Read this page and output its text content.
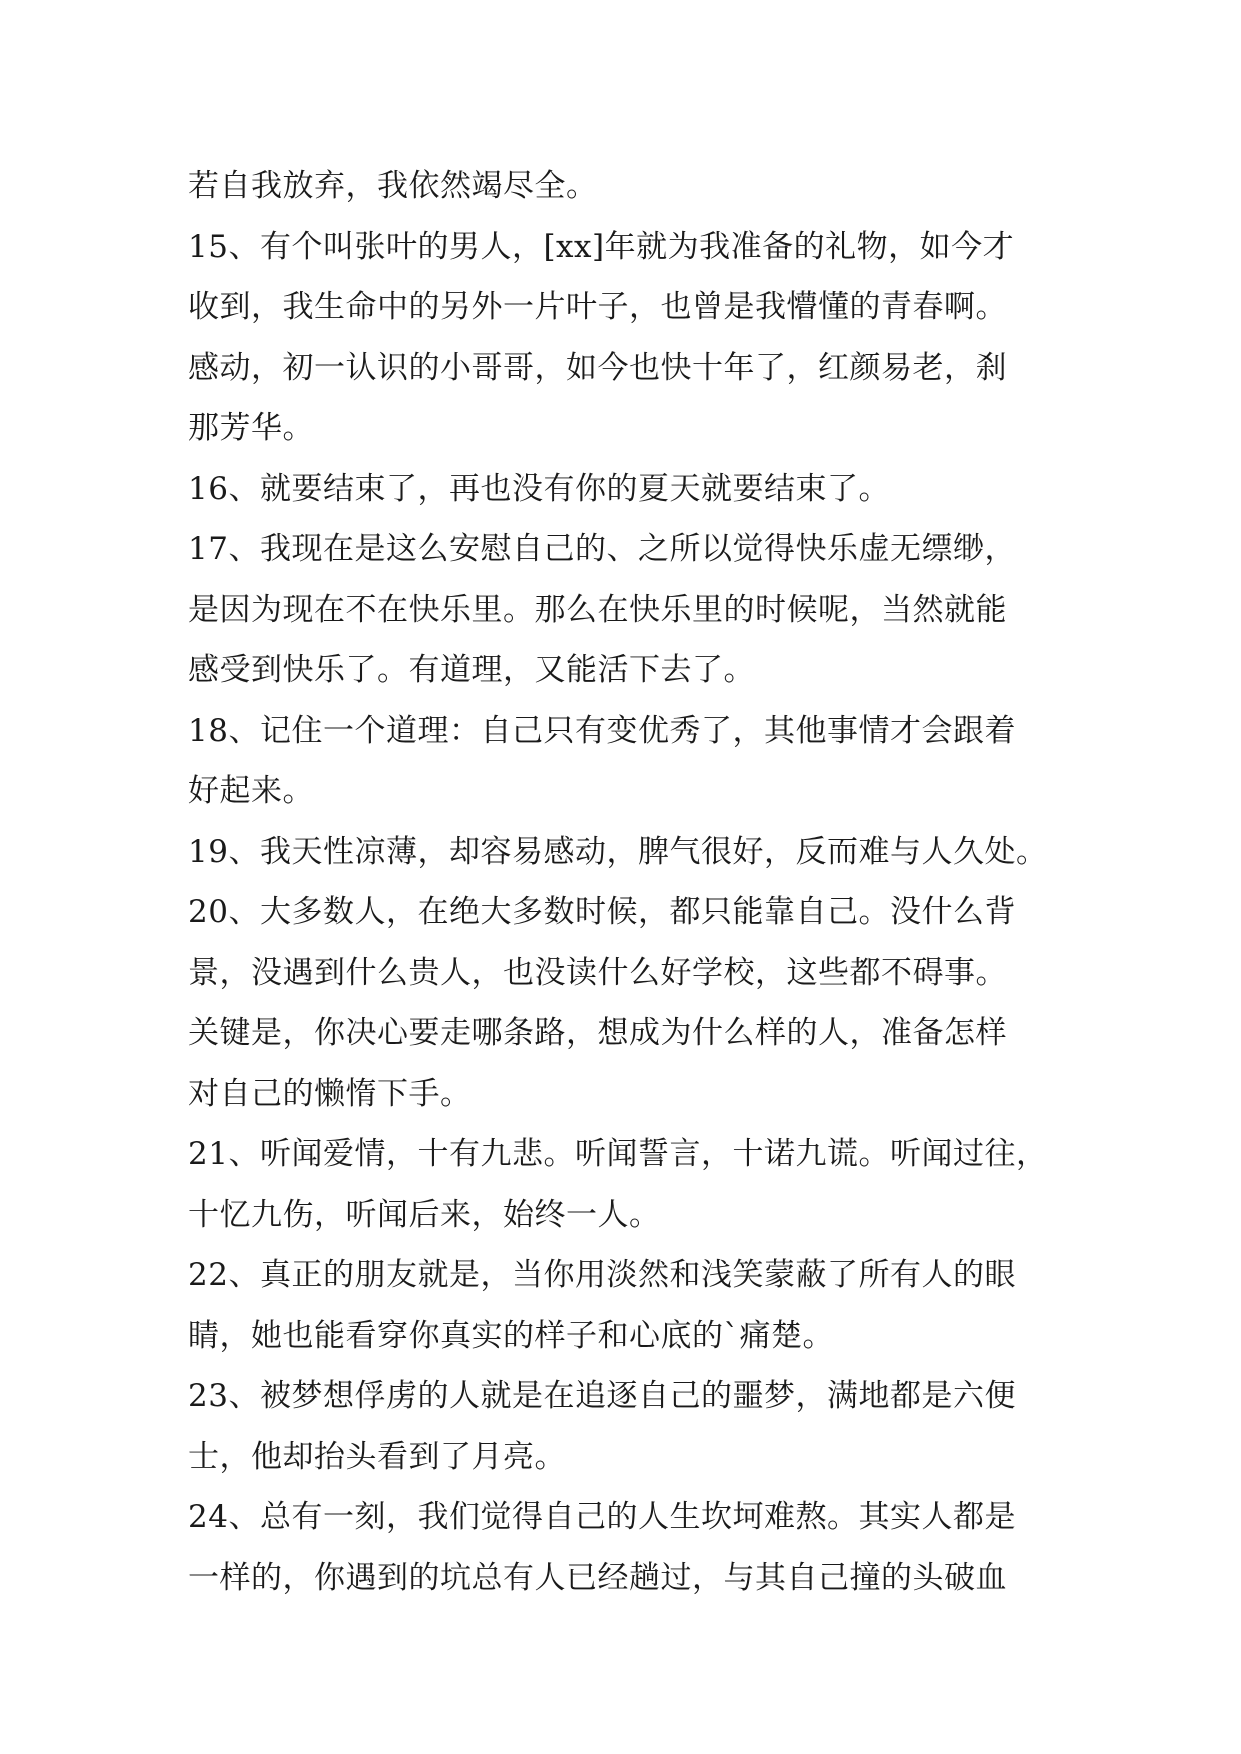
若自我放弃，我依然竭尽全。
15、有个叫张叶的男人，[xx]年就为我准备的礼物，如今才
收到，我生命中的另外一片叶子，也曾是我懵懂的青春啊。
感动，初一认识的小哥哥，如今也快十年了，红颜易老，刹
那芳华。
16、就要结束了，再也没有你的夏天就要结束了。
17、我现在是这么安慰自己的、之所以觉得快乐虚无缥缈，
是因为现在不在快乐里。那么在快乐里的时候呢，当然就能
感受到快乐了。有道理，又能活下去了。
18、记住一个道理：自己只有变优秀了，其他事情才会跟着
好起来。
19、我天性凉薄，却容易感动，脾气很好，反而难与人久处。
20、大多数人，在绝大多数时候，都只能靠自己。没什么背
景，没遇到什么贵人，也没读什么好学校，这些都不碍事。
关键是，你决心要走哪条路，想成为什么样的人，准备怎样
对自己的懒惰下手。
21、听闻爱情，十有九悲。听闻誓言，十诺九谎。听闻过往，
十忆九伤，听闻后来，始终一人。
22、真正的朋友就是，当你用淡然和浅笑蒙蔽了所有人的眼
睛，她也能看穿你真实的样子和心底的`痛楚。
23、被梦想俘虏的人就是在追逐自己的噩梦，满地都是六便
士，他却抬头看到了月亮。
24、总有一刻，我们觉得自己的人生坎坷难熬。其实人都是
一样的，你遇到的坑总有人已经趟过，与其自己撞的头破血
